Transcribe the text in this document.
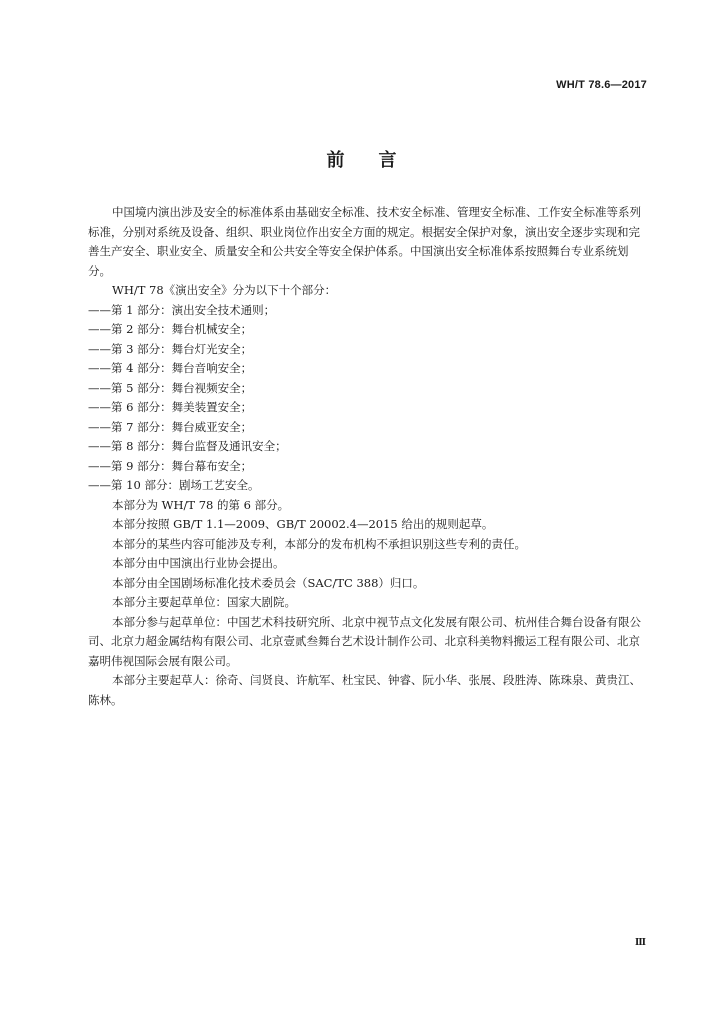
WH/T 78.6—2017
前言

中国境内演出涉及安全的标准体系由基础安全标准、技术安全标准、管理安全标准、工作安全标准等系列标准，分别对系统及设备、组织、职业岗位作出安全方面的规定。根据安全保护对象，演出安全逐步实现和完善生产安全、职业安全、质量安全和公共安全等安全保护体系。中国演出安全标准体系按照舞台专业系统划分。

WH/T 78《演出安全》分为以下十个部分：

——第 1 部分：演出安全技术通则；

——第 2 部分：舞台机械安全；

——第 3 部分：舞台灯光安全；

——第 4 部分：舞台音响安全；

——第 5 部分：舞台视频安全；

——第 6 部分：舞美装置安全；

——第 7 部分：舞台威亚安全；

——第 8 部分：舞台监督及通讯安全；

——第 9 部分：舞台幕布安全；

——第 10 部分：剧场工艺安全。

本部分为 WH/T 78 的第 6 部分。

本部分按照 GB/T 1.1—2009、GB/T 20002.4—2015 给出的规则起草。

本部分的某些内容可能涉及专利，本部分的发布机构不承担识别这些专利的责任。

本部分由中国演出行业协会提出。

本部分由全国剧场标准化技术委员会（SAC/TC 388）归口。

本部分主要起草单位：国家大剧院。

本部分参与起草单位：中国艺术科技研究所、北京中视节点文化发展有限公司、杭州佳合舞台设备有限公司、北京力超金属结构有限公司、北京壹贰叁舞台艺术设计制作公司、北京科美物料搬运工程有限公司、北京嘉明伟视国际会展有限公司。

本部分主要起草人：徐奇、闫贤良、许航军、杜宝民、钟睿、阮小华、张展、段胜涛、陈珠泉、黄贵江、陈林。

Ⅲ
